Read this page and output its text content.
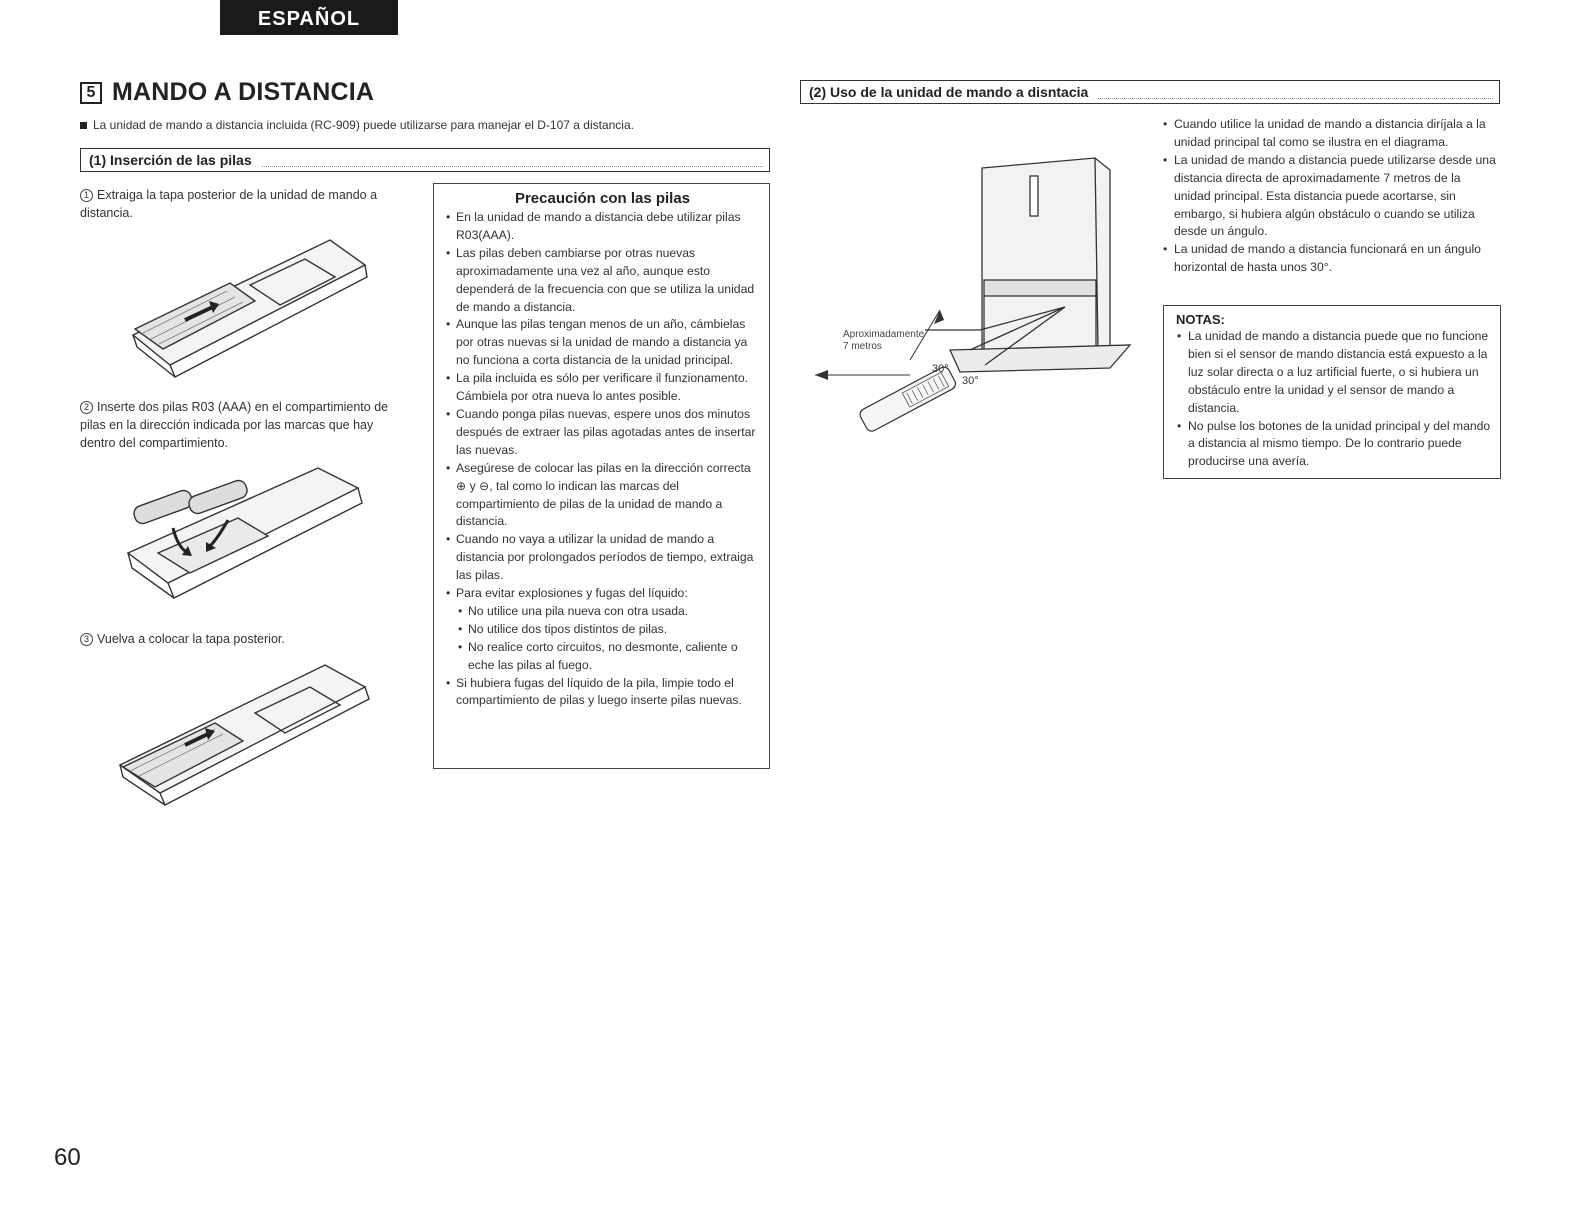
ESPAÑOL
5 MANDO A DISTANCIA
La unidad de mando a distancia incluida (RC-909) puede utilizarse para manejar el D-107 a distancia.
(1) Inserción de las pilas
1 Extraiga la tapa posterior de la unidad de mando a distancia.
2 Inserte dos pilas R03 (AAA) en el compartimiento de pilas en la dirección indicada por las marcas que hay dentro del compartimiento.
3 Vuelva a colocar la tapa posterior.
Precaución con las pilas
• En la unidad de mando a distancia debe utilizar pilas R03(AAA).
• Las pilas deben cambiarse por otras nuevas aproximadamente una vez al año, aunque esto dependerá de la frecuencia con que se utiliza la unidad de mando a distancia.
• Aunque las pilas tengan menos de un año, cámbielas por otras nuevas si la unidad de mando a distancia ya no funciona a corta distancia de la unidad principal.
• La pila incluida es sólo per verificare il funzionamento. Cámbiela por otra nueva lo antes posible.
• Cuando ponga pilas nuevas, espere unos dos minutos después de extraer las pilas agotadas antes de insertar las nuevas.
• Asegúrese de colocar las pilas en la dirección correcta ⊕ y ⊖, tal como lo indican las marcas del compartimiento de pilas de la unidad de mando a distancia.
• Cuando no vaya a utilizar la unidad de mando a distancia por prolongados períodos de tiempo, extraiga las pilas.
• Para evitar explosiones y fugas del líquido:
• No utilice una pila nueva con otra usada.
• No utilice dos tipos distintos de pilas.
• No realice corto circuitos, no desmonte, caliente o eche las pilas al fuego.
• Si hubiera fugas del líquido de la pila, limpie todo el compartimiento de pilas y luego inserte pilas nuevas.
(2) Uso de la unidad de mando a disntacia
Aproximadamente
7 metros
30°
30°
• Cuando utilice la unidad de mando a distancia diríjala a la unidad principal tal como se ilustra en el diagrama.
• La unidad de mando a distancia puede utilizarse desde una distancia directa de aproximadamente 7 metros de la unidad principal. Esta distancia puede acortarse, sin embargo, si hubiera algún obstáculo o cuando se utiliza desde un ángulo.
• La unidad de mando a distancia funcionará en un ángulo horizontal de hasta unos 30°.
NOTAS:
• La unidad de mando a distancia puede que no funcione bien si el sensor de mando distancia está expuesto a la luz solar directa o a luz artificial fuerte, o si hubiera un obstáculo entre la unidad y el sensor de mando a distancia.
• No pulse los botones de la unidad principal y del mando a distancia al mismo tiempo. De lo contrario puede producirse una avería.
60
